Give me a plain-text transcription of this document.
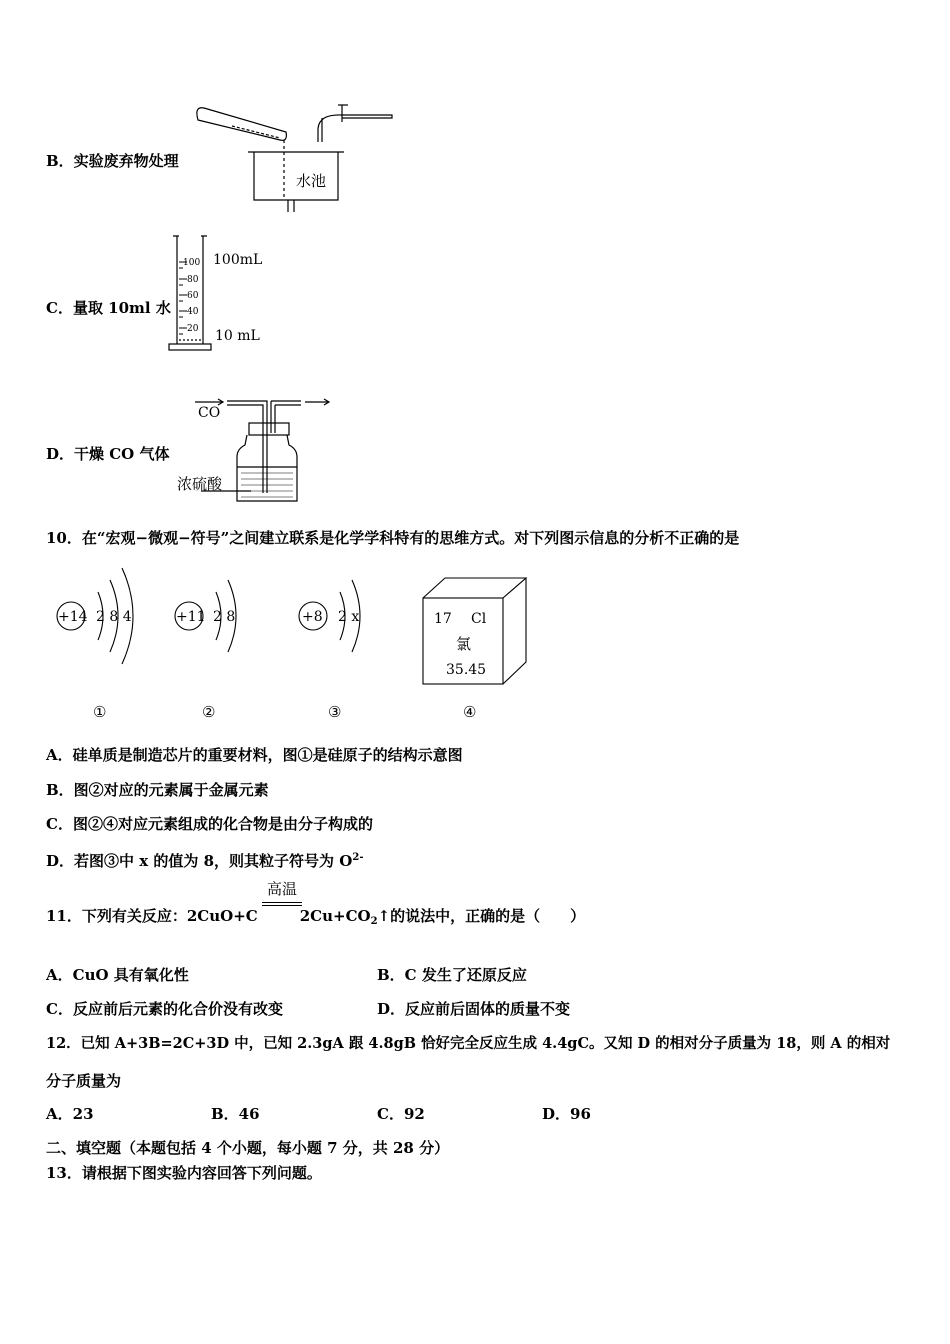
B．实验废弃物处理
水池
C．量取 10ml 水
100
80
60
40
20
100mL
10 mL
D．干燥 CO 气体
CO
浓硫酸
10．在“宏观−微观−符号”之间建立联系是化学学科特有的思维方式。对下列图示信息的分析不正确的是
+14 2 8 4	+11 2 8	+8 2 x	17 Cl
氯
35.45
①	②	③	④
A．硅单质是制造芯片的重要材料，图①是硅原子的结构示意图
B．图②对应的元素属于金属元素
C．图②④对应元素组成的化合物是由分子构成的
D．若图③中 x 的值为 8，则其粒子符号为 $O^{2-}$
11．下列有关反应：2CuO+C	$2Cu+CO_2↑$的说法中，正确的是（　　）
高温
A．CuO 具有氧化性	B．C 发生了还原反应
C．反应前后元素的化合价没有改变	D．反应前后固体的质量不变
12．已知 A+3B=2C+3D 中，已知 2.3gA 跟 4.8gB 恰好完全反应生成 4.4gC。又知 D 的相对分子质量为 18，则 A 的相对
分子质量为
A．23	B．46	C．92	D．96
二、填空题（本题包括 4 个小题，每小题 7 分，共 28 分）
13．请根据下图实验内容回答下列问题。
